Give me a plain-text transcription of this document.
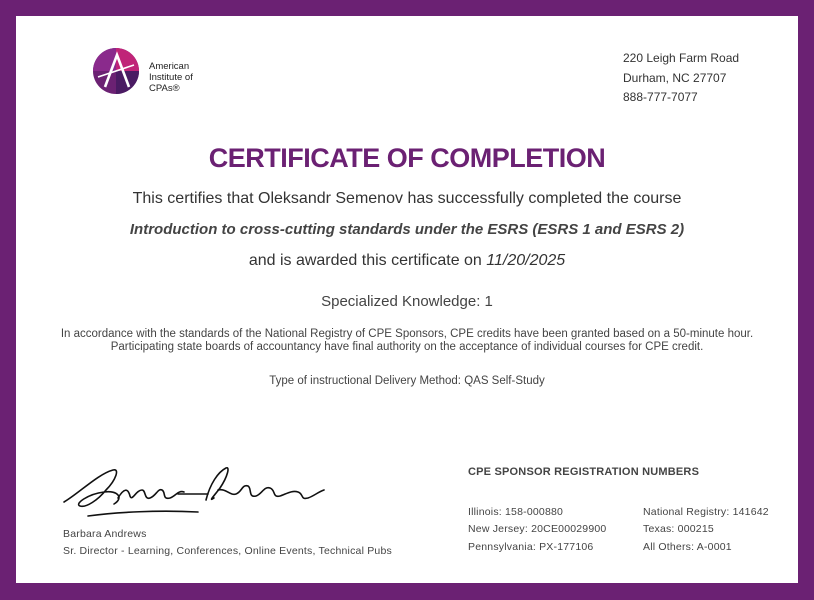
American
Institute of
CPAs®
220 Leigh Farm Road
Durham, NC 27707
888-777-7077
CERTIFICATE OF COMPLETION
This certifies that Oleksandr Semenov has successfully completed the course
Introduction to cross-cutting standards under the ESRS (ESRS 1 and ESRS 2)
and is awarded this certificate on 11/20/2025
Specialized Knowledge: 1
In accordance with the standards of the National Registry of CPE Sponsors, CPE credits have been granted based on a 50-minute hour. Participating state boards of accountancy have final authority on the acceptance of individual courses for CPE credit.
Type of instructional Delivery Method: QAS Self-Study
Barbara Andrews
Sr. Director - Learning, Conferences, Online Events, Technical Pubs
CPE SPONSOR REGISTRATION NUMBERS
Illinois: 158-000880
New Jersey: 20CE00029900
Pennsylvania: PX-177106
National Registry: 141642
Texas: 000215
All Others: A-0001
